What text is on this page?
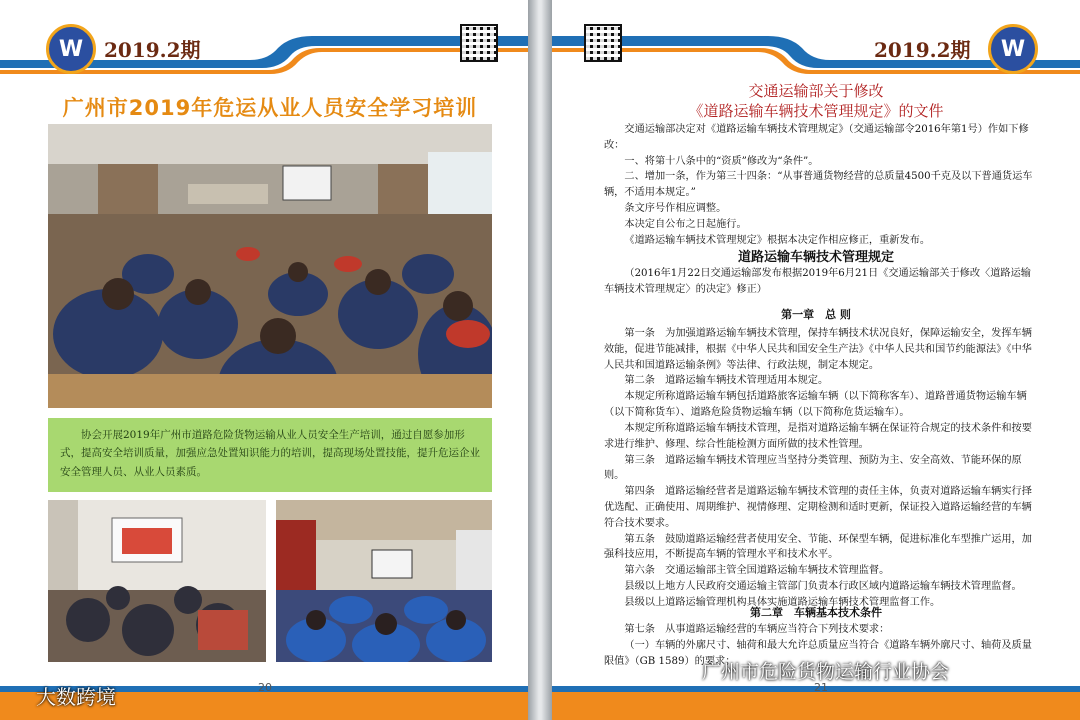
W 2019.2期
广州市2019年危运从业人员安全学习培训
协会开展2019年广州市道路危险货物运输从业人员安全生产培训，通过自愿参加形式，提高安全培训质量，加强应急处置知识能力的培训，提高现场处置技能，提升危运企业安全管理人员、从业人员素质。
20
大数跨境
2019.2期 W
交通运输部关于修改
《道路运输车辆技术管理规定》的文件

交通运输部决定对《道路运输车辆技术管理规定》（交通运输部令2016年第1号）作如下修改：

一、将第十八条中的“资质”修改为“条件”。

二、增加一条，作为第三十四条：“从事普通货物经营的总质量4500千克及以下普通货运车辆，不适用本规定。”

条文序号作相应调整。

本决定自公布之日起施行。

《道路运输车辆技术管理规定》根据本决定作相应修正，重新发布。

道路运输车辆技术管理规定

（2016年1月22日交通运输部发布根据2019年6月21日《交通运输部关于修改〈道路运输车辆技术管理规定〉的决定》修正）

第一章　总 则

第一条　为加强道路运输车辆技术管理，保持车辆技术状况良好，保障运输安全，发挥车辆效能，促进节能减排，根据《中华人民共和国安全生产法》《中华人民共和国节约能源法》《中华人民共和国道路运输条例》等法律、行政法规，制定本规定。

第二条　道路运输车辆技术管理适用本规定。

本规定所称道路运输车辆包括道路旅客运输车辆（以下简称客车）、道路普通货物运输车辆（以下简称货车）、道路危险货物运输车辆（以下简称危货运输车）。

本规定所称道路运输车辆技术管理，是指对道路运输车辆在保证符合规定的技术条件和按要求进行维护、修理、综合性能检测方面所做的技术性管理。

第三条　道路运输车辆技术管理应当坚持分类管理、预防为主、安全高效、节能环保的原则。

第四条　道路运输经营者是道路运输车辆技术管理的责任主体，负责对道路运输车辆实行择优选配、正确使用、周期维护、视情修理、定期检测和适时更新，保证投入道路运输经营的车辆符合技术要求。

第五条　鼓励道路运输经营者使用安全、节能、环保型车辆，促进标准化车型推广运用，加强科技应用，不断提高车辆的管理水平和技术水平。

第六条　交通运输部主管全国道路运输车辆技术管理监督。

县级以上地方人民政府交通运输主管部门负责本行政区域内道路运输车辆技术管理监督。

县级以上道路运输管理机构具体实施道路运输车辆技术管理监督工作。

第二章　车辆基本技术条件

第七条　从事道路运输经营的车辆应当符合下列技术要求：

（一）车辆的外廓尺寸、轴荷和最大允许总质量应当符合《道路车辆外廓尺寸、轴荷及质量限值》（GB 1589）的要求；

21
广州市危险货物运输行业协会
